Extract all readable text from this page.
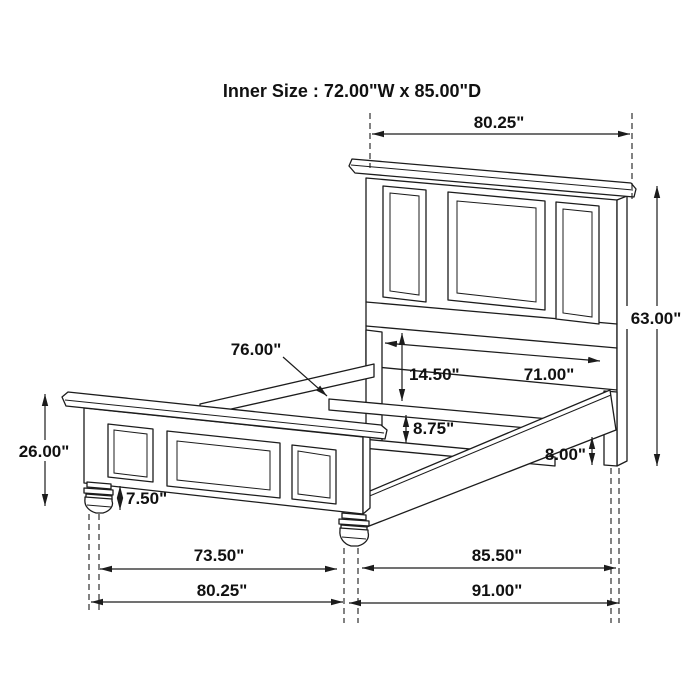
Inner Size : 72.00"W x 85.00"D
80.25"
63.00"
76.00"
14.50"	71.00"
8.75"
8.00"
26.00"
7.50"
73.50"	85.50"
80.25"	91.00"
